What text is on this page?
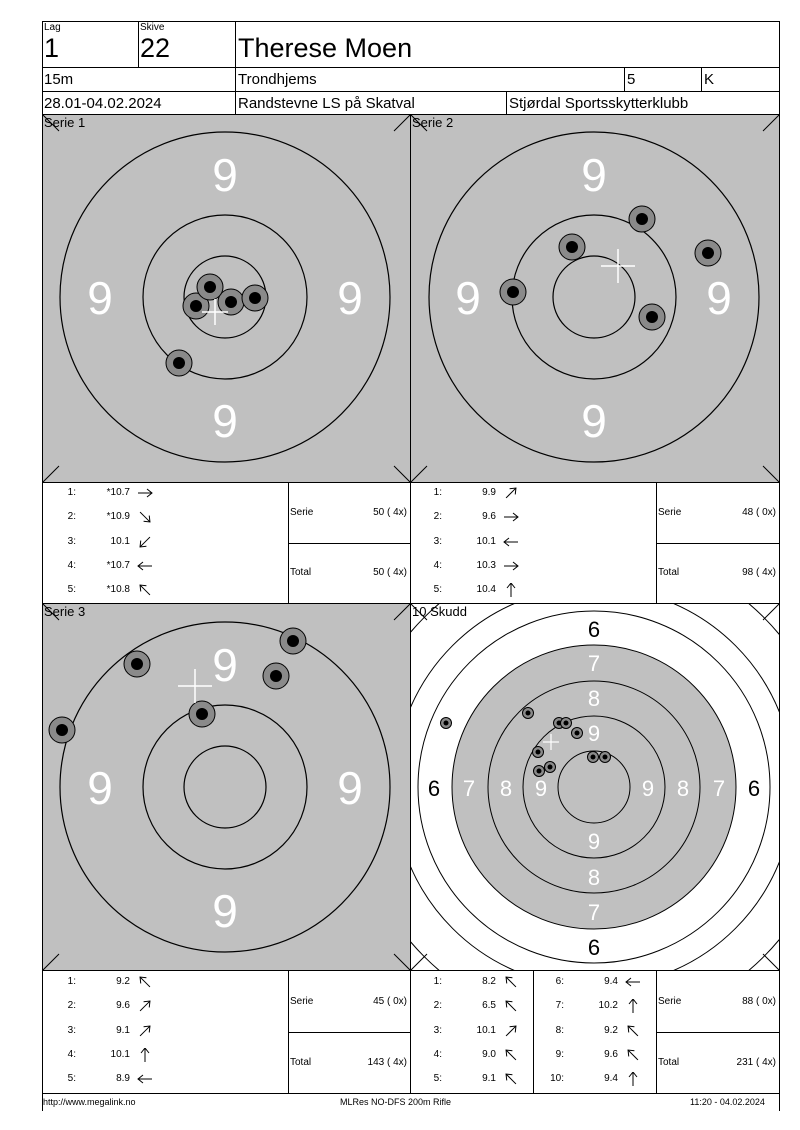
Lag
1
Skive
22	Therese Moen
15m	Trondhjems	5	K
28.01-04.02.2024	Randstevne LS på Skatval	Stjørdal Sportsskytterklubb
9
9
9	9
Serie 1
9
9
9	9
Serie 2
9
9
9	9
Serie 3
6
6
6	6
7
7
7	7
8
8
8	8
9
9
9	9
10 Skudd
1:	*10.7
2:	*10.9
3:	10.1
4:	*10.7
5:	*10.8
1:	9.9
2:	9.6
3:	10.1
4:	10.3
5:	10.4
1:	9.2
2:	9.6
3:	9.1
4:	10.1
5:	8.9
1:	8.2
2:	6.5
3:	10.1
4:	9.0
5:	9.1
6:	9.4
7:	10.2
8:	9.2
9:	9.6
10:	9.4
Serie	50 ( 4x)
Total	50 ( 4x)
Serie	48 ( 0x)
Total	98 ( 4x)
Serie	45 ( 0x)
Total	143 ( 4x)
Serie	88 ( 0x)
Total	231 ( 4x)
http://www.megalink.no	MLRes NO-DFS 200m Rifle	11:20 - 04.02.2024
